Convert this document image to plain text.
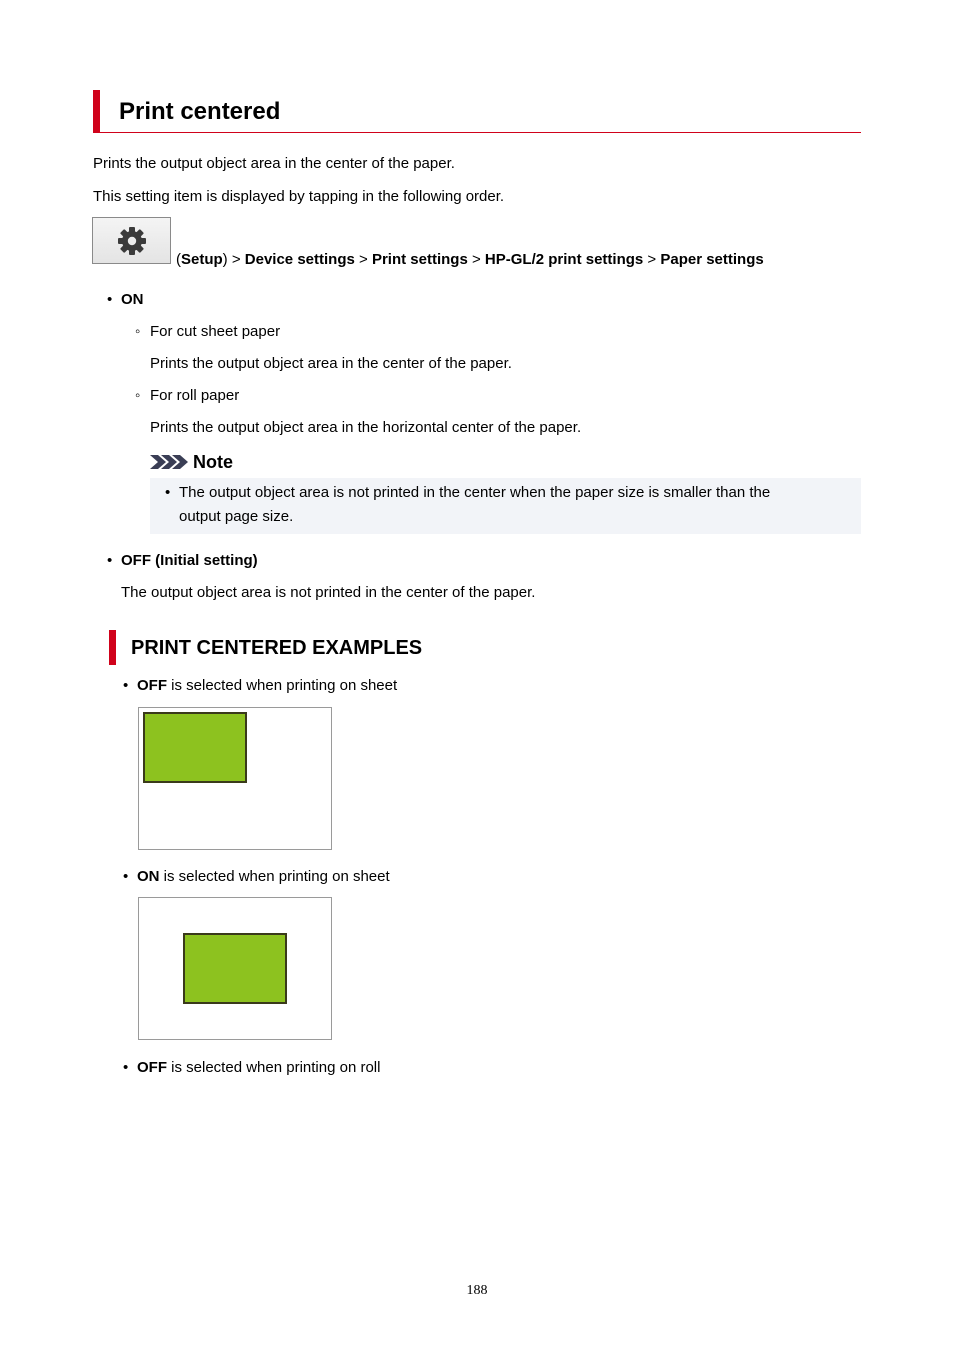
Print centered
Prints the output object area in the center of the paper.
This setting item is displayed by tapping in the following order.
(Setup) > Device settings > Print settings > HP-GL/2 print settings > Paper settings
• ON
◦ For cut sheet paper
Prints the output object area in the center of the paper.
◦ For roll paper
Prints the output object area in the horizontal center of the paper.
Note
• The output object area is not printed in the center when the paper size is smaller than the
output page size.
• OFF (Initial setting)
The output object area is not printed in the center of the paper.
PRINT CENTERED EXAMPLES
• OFF is selected when printing on sheet
• ON is selected when printing on sheet
• OFF is selected when printing on roll
188
